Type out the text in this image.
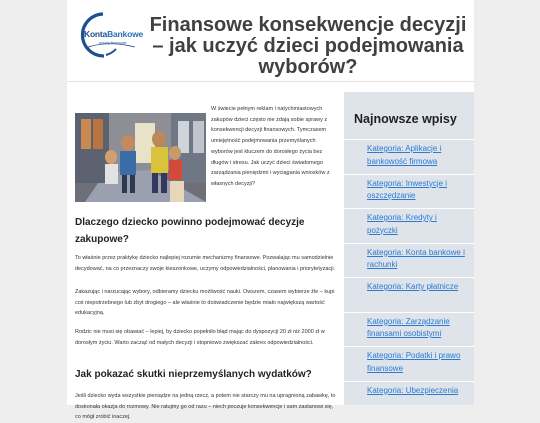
KontaBankowe
porady finansowe
Finansowe konsekwencje decyzji – jak uczyć dzieci podejmowania wyborów?

W świecie pełnym reklam i natychmiastowych zakupów dzieci często nie zdają sobie sprawy z konsekwencji decyzji finansowych. Tymczasem umiejętność podejmowania przemyślanych wyborów jest kluczem do dorosłego życia bez długów i stresu. Jak uczyć dzieci świadomego zarządzania pieniędzmi i wyciągania wniosków z własnych decyzji?

Dlaczego dziecko powinno podejmować decyzje zakupowe?

To właśnie przez praktykę dziecko najlepiej rozumie mechanizmy finansowe. Pozwalając mu samodzielnie decydować, na co przeznaczy swoje kieszonkowe, uczymy odpowiedzialności, planowania i priorytetyzacji.

Zakazując i narzucając wybory, odbieramy dziecku możliwość nauki. Owszem, czasem wybierze źle – kupi coś niepotrzebnego lub zbyt drogiego – ale właśnie to doświadczenie będzie miało największą wartość edukacyjną.

Rodzic nie musi się obawiać – lepiej, by dziecko popełniło błąd mając do dyspozycji 20 zł niż 2000 zł w dorosłym życiu. Warto zacząć od małych decyzji i stopniowo zwiększać zakres odpowiedzialności.

Jak pokazać skutki nieprzemyślanych wydatków?

Jeśli dziecko wyda wszystkie pieniądze na jedną rzecz, a potem nie starczy mu na upragnioną zabawkę, to doskonała okazja do rozmowy. Nie ratujmy go od razu – niech poczuje konsekwencje i sam zastanowi się, co mógł zrobić inaczej.

Najnowsze wpisy
Kategoria: Aplikacje i bankowość firmowa
Kategoria: Inwestycje i oszczędzanie
Kategoria: Kredyty i pożyczki
Kategoria: Konta bankowe i rachunki
Kategoria: Karty płatnicze
Kategoria: Zarządzanie finansami osobistymi
Kategoria: Podatki i prawo finansowe
Kategoria: Ubezpieczenia
